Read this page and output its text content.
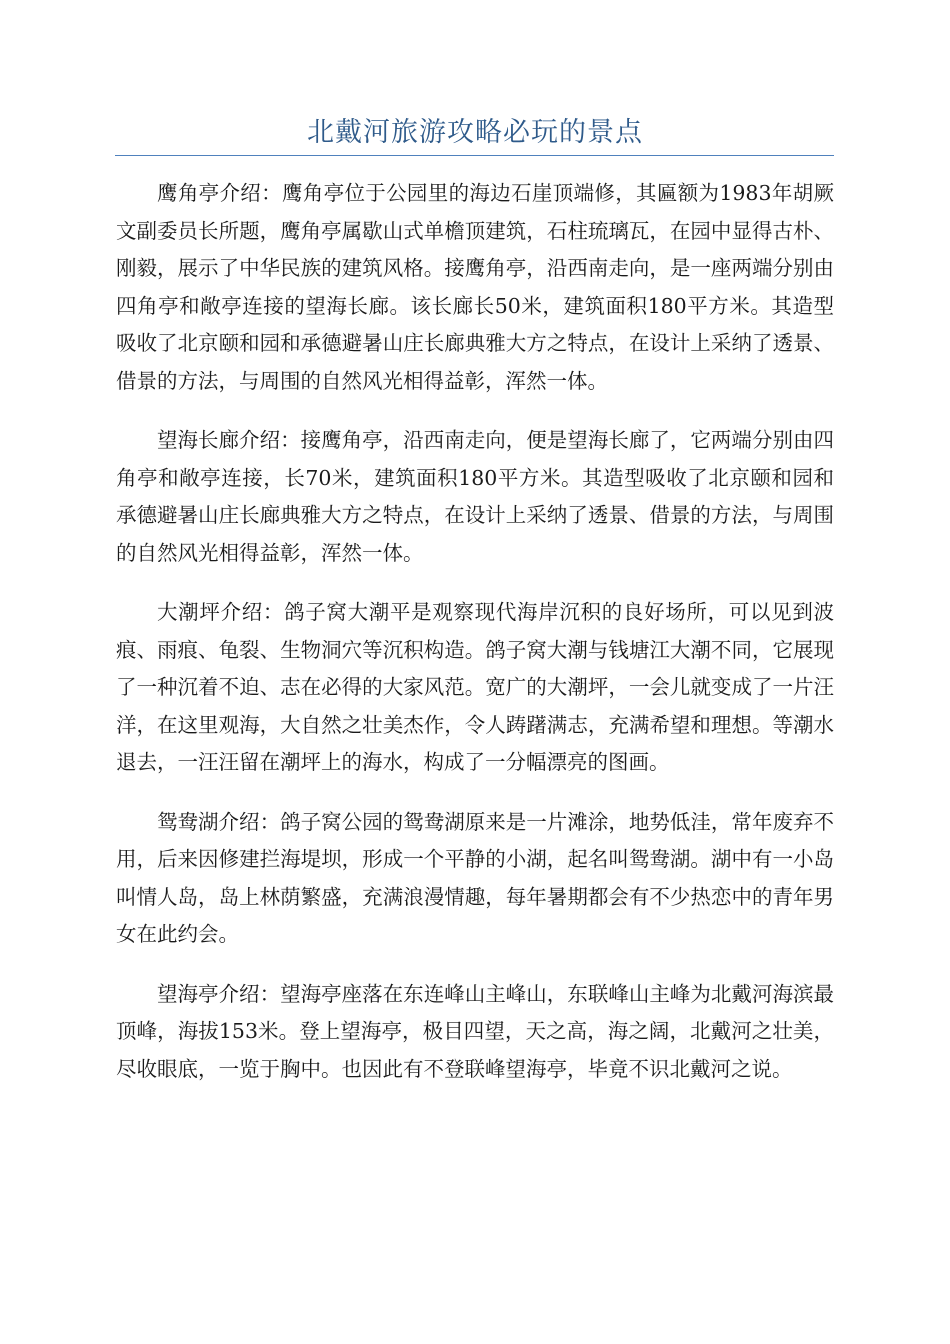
北戴河旅游攻略必玩的景点

鹰角亭介绍：鹰角亭位于公园里的海边石崖顶端修，其匾额为1983年胡厥文副委员长所题，鹰角亭属歇山式单檐顶建筑，石柱琉璃瓦，在园中显得古朴、刚毅，展示了中华民族的建筑风格。接鹰角亭，沿西南走向，是一座两端分别由四角亭和敞亭连接的望海长廊。该长廊长50米，建筑面积180平方米。其造型吸收了北京颐和园和承德避暑山庄长廊典雅大方之特点，在设计上采纳了透景、借景的方法，与周围的自然风光相得益彰，浑然一体。

望海长廊介绍：接鹰角亭，沿西南走向，便是望海长廊了，它两端分别由四角亭和敞亭连接，长70米，建筑面积180平方米。其造型吸收了北京颐和园和承德避暑山庄长廊典雅大方之特点，在设计上采纳了透景、借景的方法，与周围的自然风光相得益彰，浑然一体。

大潮坪介绍：鸽子窝大潮平是观察现代海岸沉积的良好场所，可以见到波痕、雨痕、龟裂、生物洞穴等沉积构造。鸽子窝大潮与钱塘江大潮不同，它展现了一种沉着不迫、志在必得的大家风范。宽广的大潮坪，一会儿就变成了一片汪洋，在这里观海，大自然之壮美杰作，令人踌躇满志，充满希望和理想。等潮水退去，一汪汪留在潮坪上的海水，构成了一分幅漂亮的图画。

鸳鸯湖介绍：鸽子窝公园的鸳鸯湖原来是一片滩涂，地势低洼，常年废弃不用，后来因修建拦海堤坝，形成一个平静的小湖，起名叫鸳鸯湖。湖中有一小岛叫情人岛，岛上林荫繁盛，充满浪漫情趣，每年暑期都会有不少热恋中的青年男女在此约会。

望海亭介绍：望海亭座落在东连峰山主峰山，东联峰山主峰为北戴河海滨最顶峰，海拔153米。登上望海亭，极目四望，天之高，海之阔，北戴河之壮美，尽收眼底，一览于胸中。也因此有不登联峰望海亭，毕竟不识北戴河之说。
